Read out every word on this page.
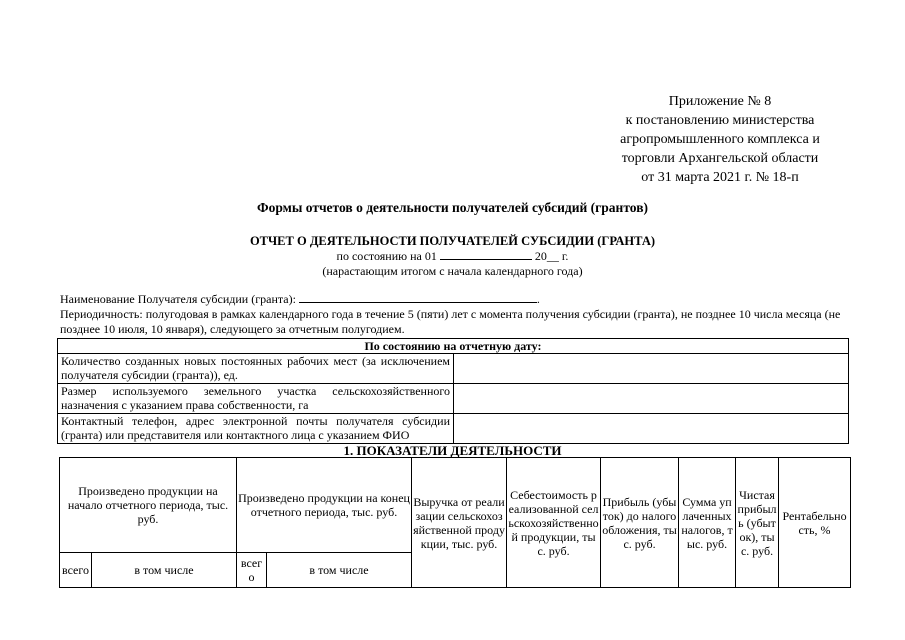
Приложение № 8
к постановлению министерства
агропромышленного комплекса и
торговли Архангельской области
от 31 марта 2021 г. № 18-п
Формы отчетов о деятельности получателей субсидий (грантов)
ОТЧЕТ О ДЕЯТЕЛЬНОСТИ ПОЛУЧАТЕЛЕЙ СУБСИДИИ (ГРАНТА)
по состоянию на 01	20__ г.
(нарастающим итогом с начала календарного года)
Наименование Получателя субсидии (гранта):	.
Периодичность: полугодовая в рамках календарного года в течение 5 (пяти) лет с момента получения субсидии (гранта), не позднее 10 числа месяца (не позднее 10 июля, 10 января), следующего за отчетным полугодием.
По состоянию на отчетную дату:	
Количество созданных новых постоянных рабочих мест (за исключением получателя субсидии (гранта)), ед.	
Размер используемого земельного участка сельскохозяйственного назначения с указанием права собственности, га	
Контактный телефон, адрес электронной почты получателя субсидии (гранта) или представителя или контактного лица с указанием ФИО	
1. ПОКАЗАТЕЛИ ДЕЯТЕЛЬНОСТИ
Произведено продукции на начало отчетного периода, тыс. руб.		Произведено продукции на конец отчетного периода, тыс. руб.		Выручка от реализации сельскохозяйственной продукции, тыс. руб.	Себестоимость реализованной сельскохозяйственной продукции, тыс. руб.	Прибыль (убыток) до налогообложения, тыс. руб.	Сумма уплаченных налогов, тыс. руб.	Чистая прибыль (убыток), тыс. руб.	Рентабельность, %
всего	в том числе	всего	в том числе						
